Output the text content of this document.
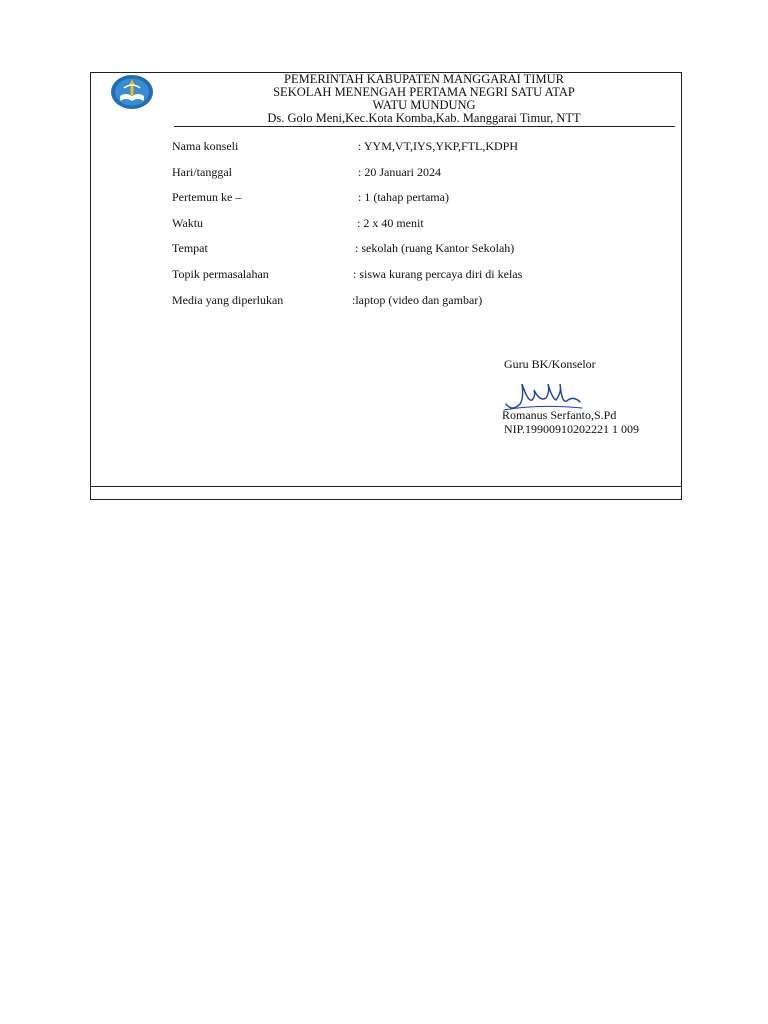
PEMERINTAH KABUPATEN MANGGARAI TIMUR
SEKOLAH MENENGAH PERTAMA NEGRI SATU ATAP
WATU MUNDUNG
Ds. Golo Meni,Kec.Kota Komba,Kab. Manggarai Timur, NTT
Nama konseli	: YYM,VT,IYS,YKP,FTL,KDPH
Hari/tanggal	: 20 Januari 2024
Pertemun ke –	: 1 (tahap pertama)
Waktu	: 2 x 40 menit
Tempat	: sekolah (ruang Kantor Sekolah)
Topik permasalahan	: siswa kurang percaya diri di kelas
Media yang diperlukan	:laptop (video dan gambar)
Guru BK/Konselor
Romanus Serfanto,S.Pd
NIP.19900910202221 1 009
